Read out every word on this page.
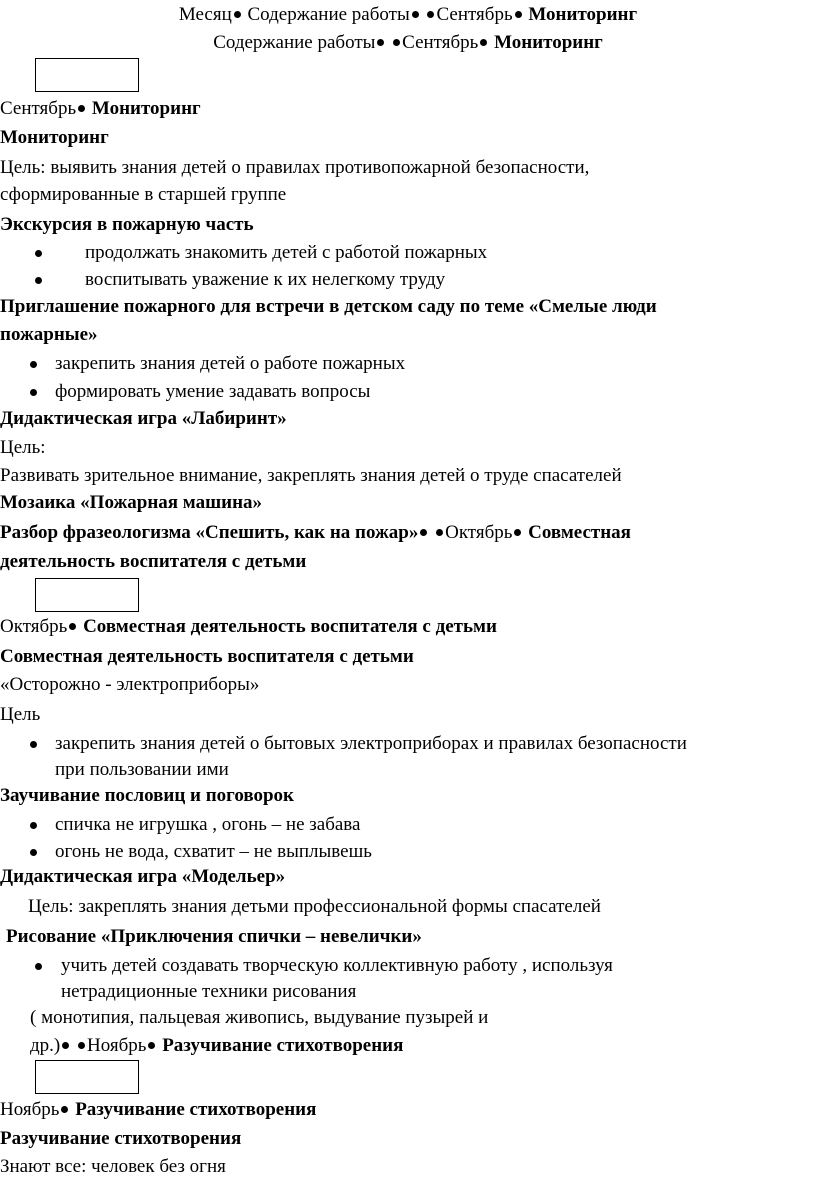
Месяц Содержание работы Сентябрь Мониторинг
Содержание работы Сентябрь Мониторинг
Сентябрь Мониторинг
Мониторинг
Цель: выявить знания детей о правилах противопожарной безопасности,
сформированные в старшей группе
Экскурсия в пожарную часть
продолжать знакомить детей с работой пожарных
воспитывать уважение к их нелегкому труду
Приглашение пожарного для встречи в детском саду по теме «Смелые люди
пожарные»
закрепить знания детей о работе пожарных
формировать умение задавать вопросы
Дидактическая игра «Лабиринт»
Цель:
Развивать зрительное внимание, закреплять знания детей о труде спасателей
Мозаика «Пожарная машина»
Разбор фразеологизма «Спешить, как на пожар» Октябрь Совместная
деятельность воспитателя с детьми
Октябрь Совместная деятельность воспитателя с детьми
Совместная деятельность воспитателя с детьми
«Осторожно - электроприборы»
Цель
закрепить знания детей о бытовых электроприборах и правилах безопасности
при пользовании ими
Заучивание пословиц и поговорок
спичка не игрушка , огонь – не забава
огонь не вода, схватит – не выплывешь
Дидактическая игра «Модельер»
Цель: закреплять знания детьми профессиональной формы спасателей
Рисование «Приключения спички – невелички»
учить детей создавать творческую коллективную работу , используя
нетрадиционные техники рисования
( монотипия, пальцевая живопись, выдувание пузырей и
др.) Ноябрь Разучивание стихотворения
Ноябрь Разучивание стихотворения
Разучивание стихотворения
Знают все: человек без огня
